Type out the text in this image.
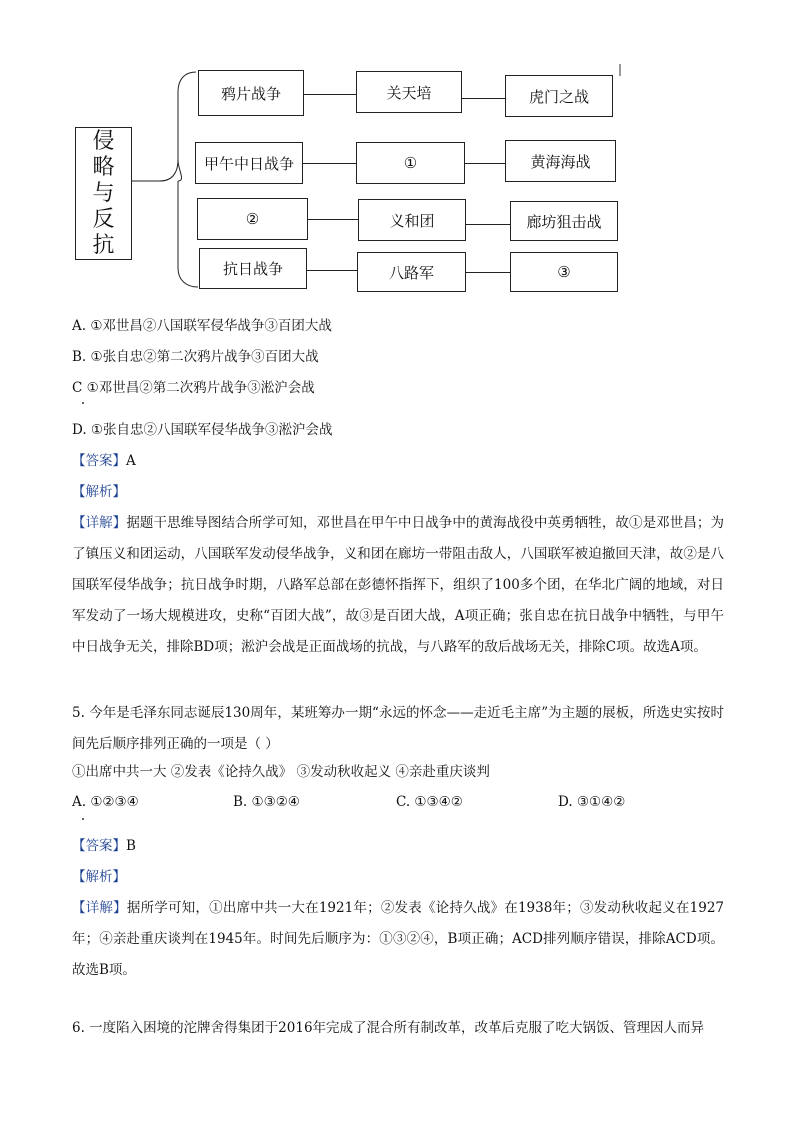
侵
略
与
反
抗
鸦片战争	关天培	虎门之战
甲午中日战争	①	黄海海战
②	义和团	廊坊狙击战
抗日战争	八路军	③
A. ①邓世昌②八国联军侵华战争③百团大战
B. ①张自忠②第二次鸦片战争③百团大战
C ①邓世昌②第二次鸦片战争③淞沪会战
D. ①张自忠②八国联军侵华战争③淞沪会战
【答案】A
【解析】
【详解】据题干思维导图结合所学可知，邓世昌在甲午中日战争中的黄海战役中英勇牺牲，故①是邓世昌；为了镇压义和团运动，八国联军发动侵华战争，义和团在廊坊一带阻击敌人，八国联军被迫撤回天津，故②是八国联军侵华战争；抗日战争时期，八路军总部在彭德怀指挥下，组织了100多个团，在华北广阔的地域，对日军发动了一场大规模进攻，史称“百团大战”，故③是百团大战，A项正确；张自忠在抗日战争中牺牲，与甲午中日战争无关，排除BD项；淞沪会战是正面战场的抗战，与八路军的敌后战场无关，排除C项。故选A项。
5. 今年是毛泽东同志诞辰130周年，某班筹办一期“永远的怀念——走近毛主席”为主题的展板，所选史实按时间先后顺序排列正确的一项是（ ）
①出席中共一大 ②发表《论持久战》 ③发动秋收起义 ④亲赴重庆谈判
A. ①②③④	B. ①③②④	C. ①③④②	D. ③①④②
【答案】B
【解析】
【详解】据所学可知，①出席中共一大在1921年；②发表《论持久战》在1938年；③发动秋收起义在1927年；④亲赴重庆谈判在1945年。时间先后顺序为：①③②④，B项正确；ACD排列顺序错误，排除ACD项。故选B项。
6. 一度陷入困境的沱牌舍得集团于2016年完成了混合所有制改革，改革后克服了吃大锅饭、管理因人而异
